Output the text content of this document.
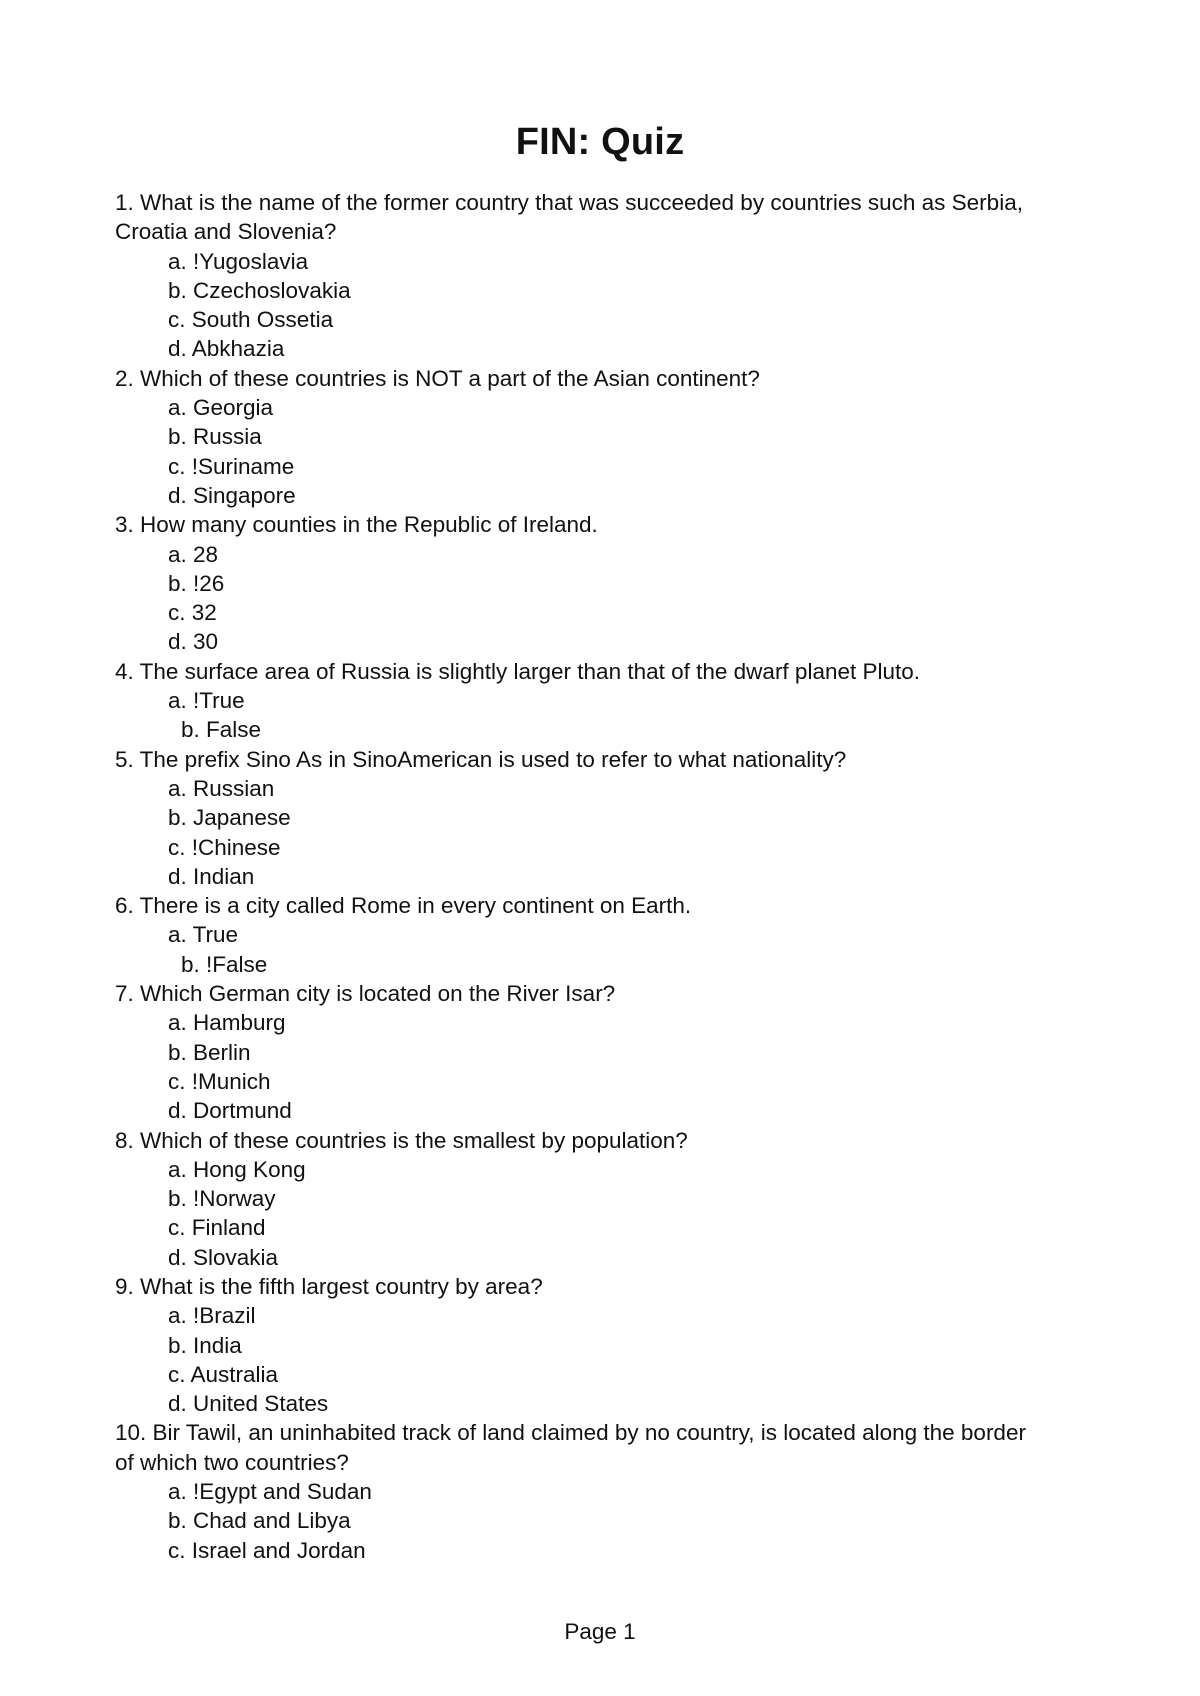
FIN: Quiz

1. What is the name of the former country that was succeeded by countries such as Serbia, Croatia and Slovenia?

a. !Yugoslavia

b. Czechoslovakia

c. South Ossetia

d. Abkhazia

2. Which of these countries is NOT a part of the Asian continent?

a. Georgia

b. Russia

c. !Suriname

d. Singapore

3. How many counties in the Republic of Ireland.

a. 28

b. !26

c. 32

d. 30

4. The surface area of Russia is slightly larger than that of the dwarf planet Pluto.

a. !True

b. False

5. The prefix Sino As in SinoAmerican is used to refer to what nationality?

a. Russian

b. Japanese

c. !Chinese

d. Indian

6. There is a city called Rome in every continent on Earth.

a. True

b. !False

7. Which German city is located on the River Isar?

a. Hamburg

b. Berlin

c. !Munich

d. Dortmund

8. Which of these countries is the smallest by population?

a. Hong Kong

b. !Norway

c. Finland

d. Slovakia

9. What is the fifth largest country by area?

a. !Brazil

b. India

c. Australia

d. United States

10. Bir Tawil, an uninhabited track of land claimed by no country, is located along the border of which two countries?

a. !Egypt and Sudan

b. Chad and Libya

c. Israel and Jordan

Page 1
